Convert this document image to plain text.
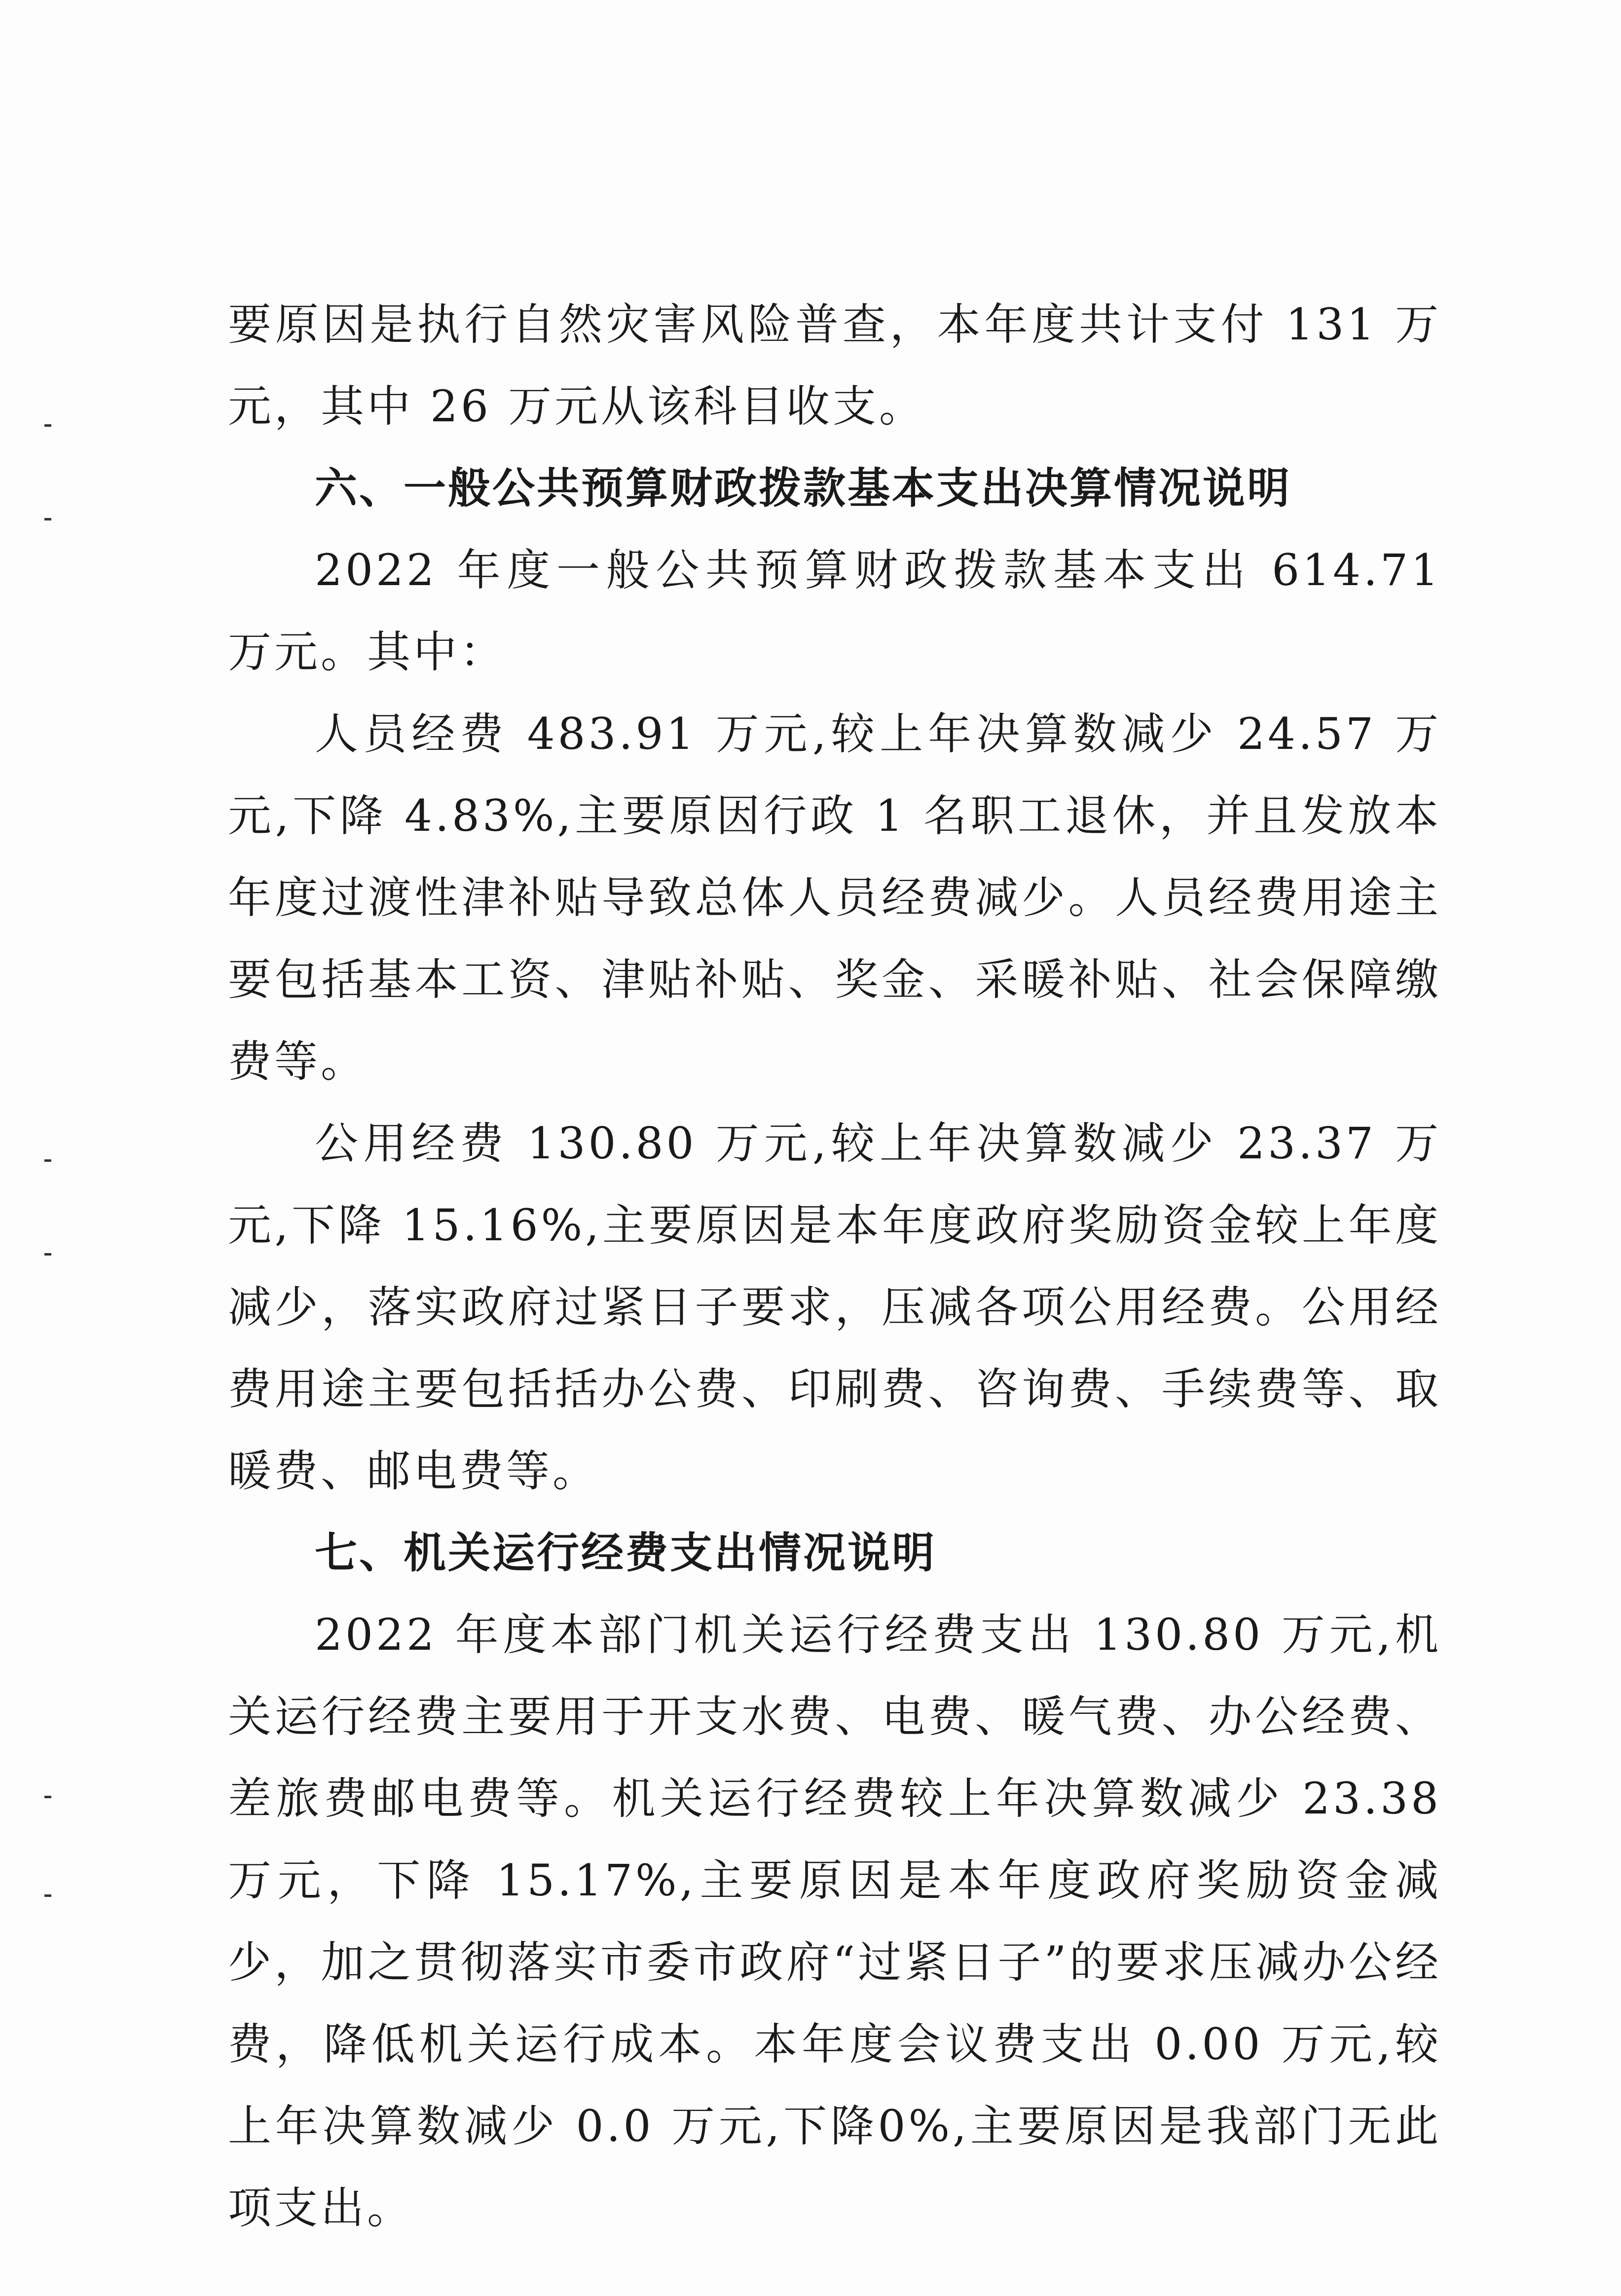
要原因是执行自然灾害风险普查，本年度共计支付 131 万元，其中 26 万元从该科目收支。

六、一般公共预算财政拨款基本支出决算情况说明

2022 年度一般公共预算财政拨款基本支出 614.71 万元。其中：

人员经费 483.91 万元,较上年决算数减少 24.57 万元,下降 4.83%,主要原因行政 1 名职工退休，并且发放本年度过渡性津补贴导致总体人员经费减少。人员经费用途主要包括基本工资、津贴补贴、奖金、采暖补贴、社会保障缴费等。

公用经费 130.80 万元,较上年决算数减少 23.37 万元,下降 15.16%,主要原因是本年度政府奖励资金较上年度减少，落实政府过紧日子要求，压减各项公用经费。公用经费用途主要包括括办公费、印刷费、咨询费、手续费等、取暖费、邮电费等。

七、机关运行经费支出情况说明

2022 年度本部门机关运行经费支出 130.80 万元,机关运行经费主要用于开支水费、电费、暖气费、办公经费、差旅费邮电费等。机关运行经费较上年决算数减少 23.38 万元，下降 15.17%,主要原因是本年度政府奖励资金减少，加之贯彻落实市委市政府“过紧日子”的要求压减办公经费，降低机关运行成本。本年度会议费支出 0.00 万元,较上年决算数减少 0.0 万元,下降0%,主要原因是我部门无此项支出。
